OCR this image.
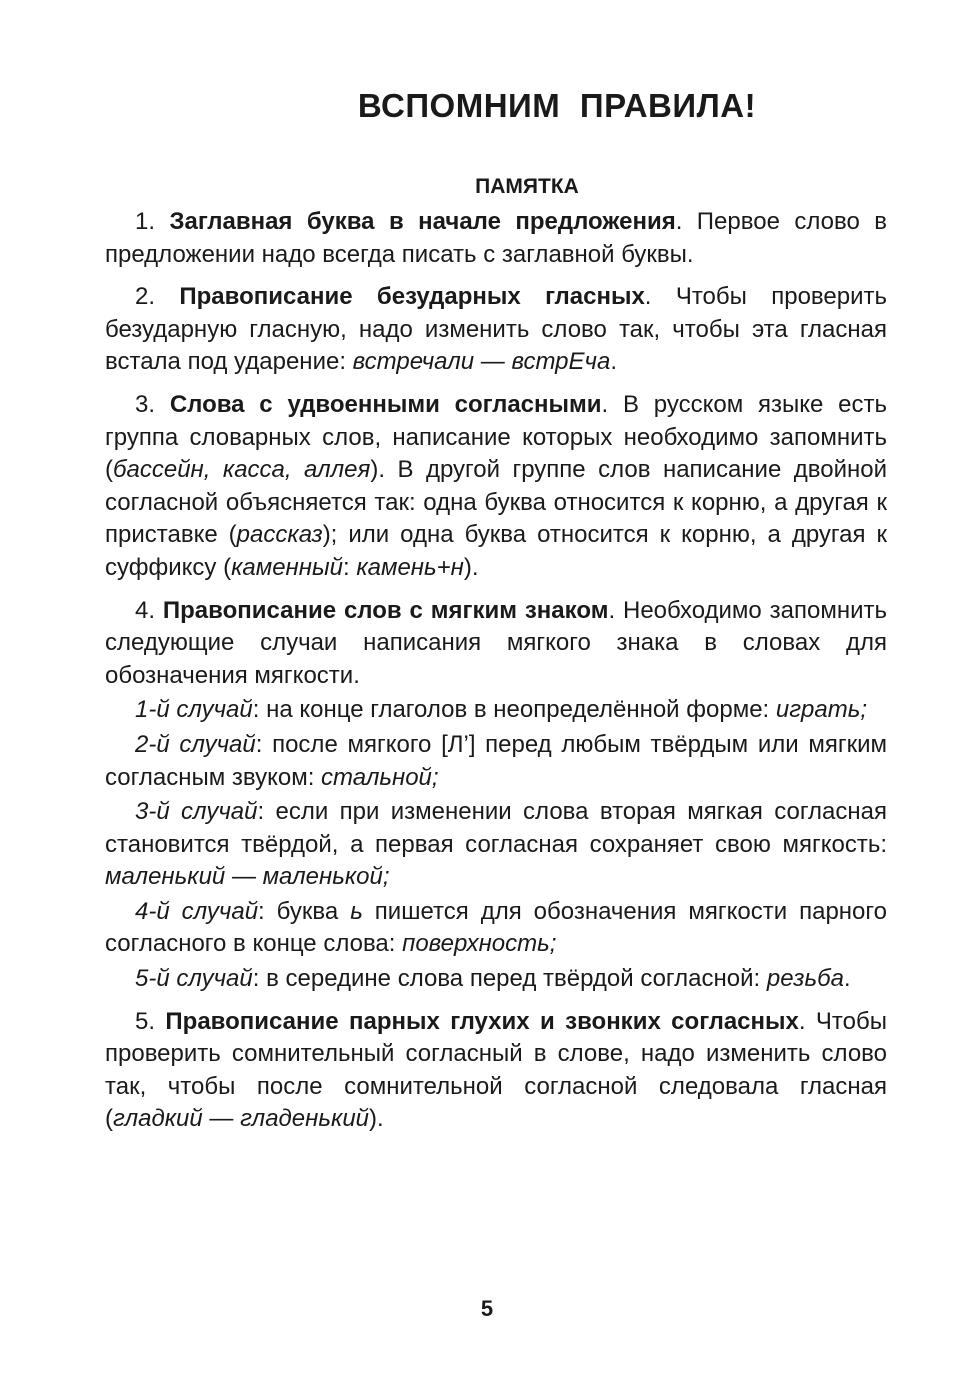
ВСПОМНИМ ПРАВИЛА!
ПАМЯТКА

1. Заглавная буква в начале предложения. Первое слово в предложении надо всегда писать с заглавной буквы.

2. Правописание безударных гласных. Чтобы проверить безударную гласную, надо изменить слово так, чтобы эта гласная встала под ударение: встречали — встрЕча.

3. Слова с удвоенными согласными. В русском языке есть группа словарных слов, написание которых необходимо запомнить (бассейн, касса, аллея). В другой группе слов написание двойной согласной объясняется так: одна буква относится к корню, а другая к приставке (рассказ); или одна буква относится к корню, а другая к суффиксу (каменный: камень+н).

4. Правописание слов с мягким знаком. Необходимо запомнить следующие случаи написания мягкого знака в словах для обозначения мягкости.

1-й случай: на конце глаголов в неопределённой форме: играть;

2-й случай: после мягкого [Л’] перед любым твёрдым или мягким согласным звуком: стальной;

3-й случай: если при изменении слова вторая мягкая согласная становится твёрдой, а первая согласная сохраняет свою мягкость: маленький — маленькой;

4-й случай: буква ь пишется для обозначения мягкости парного согласного в конце слова: поверхность;

5-й случай: в середине слова перед твёрдой согласной: резьба.

5. Правописание парных глухих и звонких согласных. Чтобы проверить сомнительный согласный в слове, надо изменить слово так, чтобы после сомнительной согласной следовала гласная (гладкий — гладенький).

5
